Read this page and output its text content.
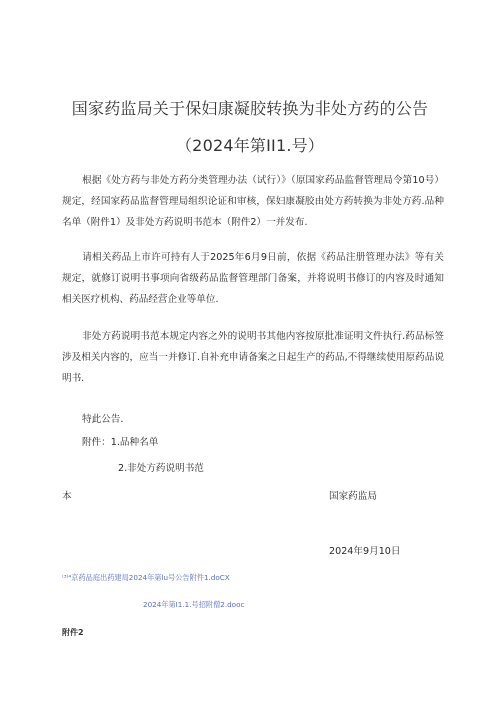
国家药监局关于保妇康凝胶转换为非处方药的公告
（2024年第II1.号）

根据《处方药与非处方药分类管理办法（试行）》（原国家药品监督管理局令第10号）规定，经国家药品监督管理局组织论证和审核，保妇康凝胶由处方药转换为非处方药.品种名单（附件1）及非处方药说明书范本（附件2）一并发布.

请相关药品上市许可持有人于2025年6月9日前，依据《药品注册管理办法》等有关规定，就修订说明书事项向省级药品监督管理部门备案，并将说明书修订的内容及时通知相关医疗机构、药品经营企业等单位.

非处方药说明书范本规定内容之外的说明书其他内容按原批准证明文件执行.药品标签涉及相关内容的，应当一并修订.自补充申请备案之日起生产的药品,不得继续使用原药品说明书.

特此公告.
附件：1.品种名单
2.非处方药说明书范
本	国家药监局
2024年9月10日
⁽³⁾⁴京药品庭出药建局2024年第lu号公告附件1.doCX
2024年第I1.1.号招附僧2.dooc
附件2
